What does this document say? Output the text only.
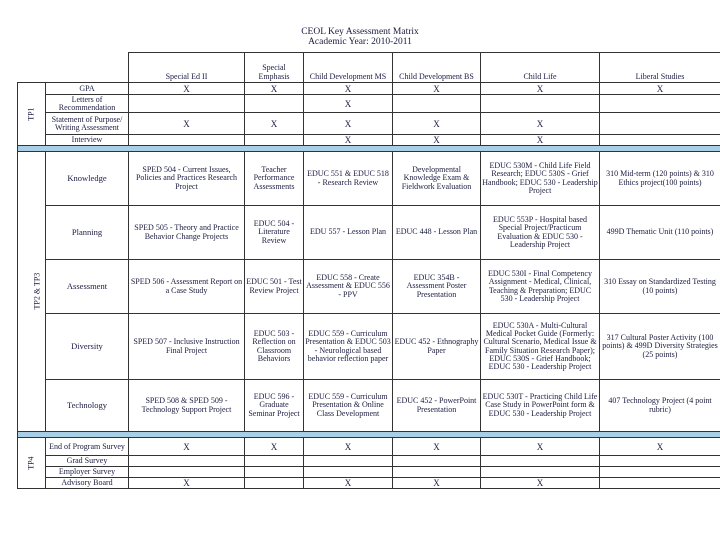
CEOL Key Assessment Matrix
Academic Year: 2010-2011
		Special Ed II	Special Emphasis	Child Development MS	Child Development BS	Child Life	Liberal Studies
TP1	GPA	X	X	X	X	X	X
	Letters of Recommendation			X			
	Statement of Purpose/ Writing Assessment	X	X	X	X	X	
	Interview			X	X	X	

TP2 & TP3	Knowledge	SPED 504 - Current Issues, Policies and Practices Research Project	Teacher Performance Assessments	EDUC 551 & EDUC 518 - Research Review	Developmental Knowledge Exam & Fieldwork Evaluation	EDUC 530M - Child Life Field Research; EDUC 530S - Grief Handbook; EDUC 530 - Leadership Project	310 Mid-term (120 points) & 310 Ethics project(100 points)
	Planning	SPED 505 - Theory and Practice Behavior Change Projects	EDUC 504 - Literature Review	EDU 557 - Lesson Plan	EDUC 448 - Lesson Plan	EDUC 553P - Hospital based Special Project/Practicum Evaluation & EDUC 530 - Leadership Project	499D Thematic Unit (110 points)
	Assessment	SPED 506 - Assessment Report on a Case Study	EDUC 501 - Test Review Project	EDUC 558 - Create Assessment & EDUC 556 - PPV	EDUC 354B - Assessment Poster Presentation	EDUC 530I - Final Competency Assignment - Medical, Clinical, Teaching & Preparation; EDUC 530 - Leadership Project	310 Essay on Standardized Testing (10 points)
	Diversity	SPED 507 - Inclusive Instruction Final Project	EDUC 503 - Reflection on Classroom Behaviors	EDUC 559 - Curriculum Presentation & EDUC 503 - Neurological based behavior reflection paper	EDUC 452 - Ethnography Paper	EDUC 530A - Multi-Cultural Medical Pocket Guide (Formerly: Cultural Scenario, Medical Issue & Family Situation Research Paper); EDUC 530S - Grief Handbook; EDUC 530 - Leadership Project	317 Cultural Poster Activity (100 points) & 499D Diversity Strategies (25 points)
	Technology	SPED 508 & SPED 509 - Technology Support Project	EDUC 596 - Graduate Seminar Project	EDUC 559 - Curriculum Presentation & Online Class Development	EDUC 452 - PowerPoint Presentation	EDUC 530T - Practicing Child Life Case Study in PowerPoint form & EDUC 530 - Leadership Project	407 Technology Project (4 point rubric)

TP4	End of Program Survey	X	X	X	X	X	X
	Grad Survey						
	Employer Survey						
	Advisory Board	X		X	X	X	
